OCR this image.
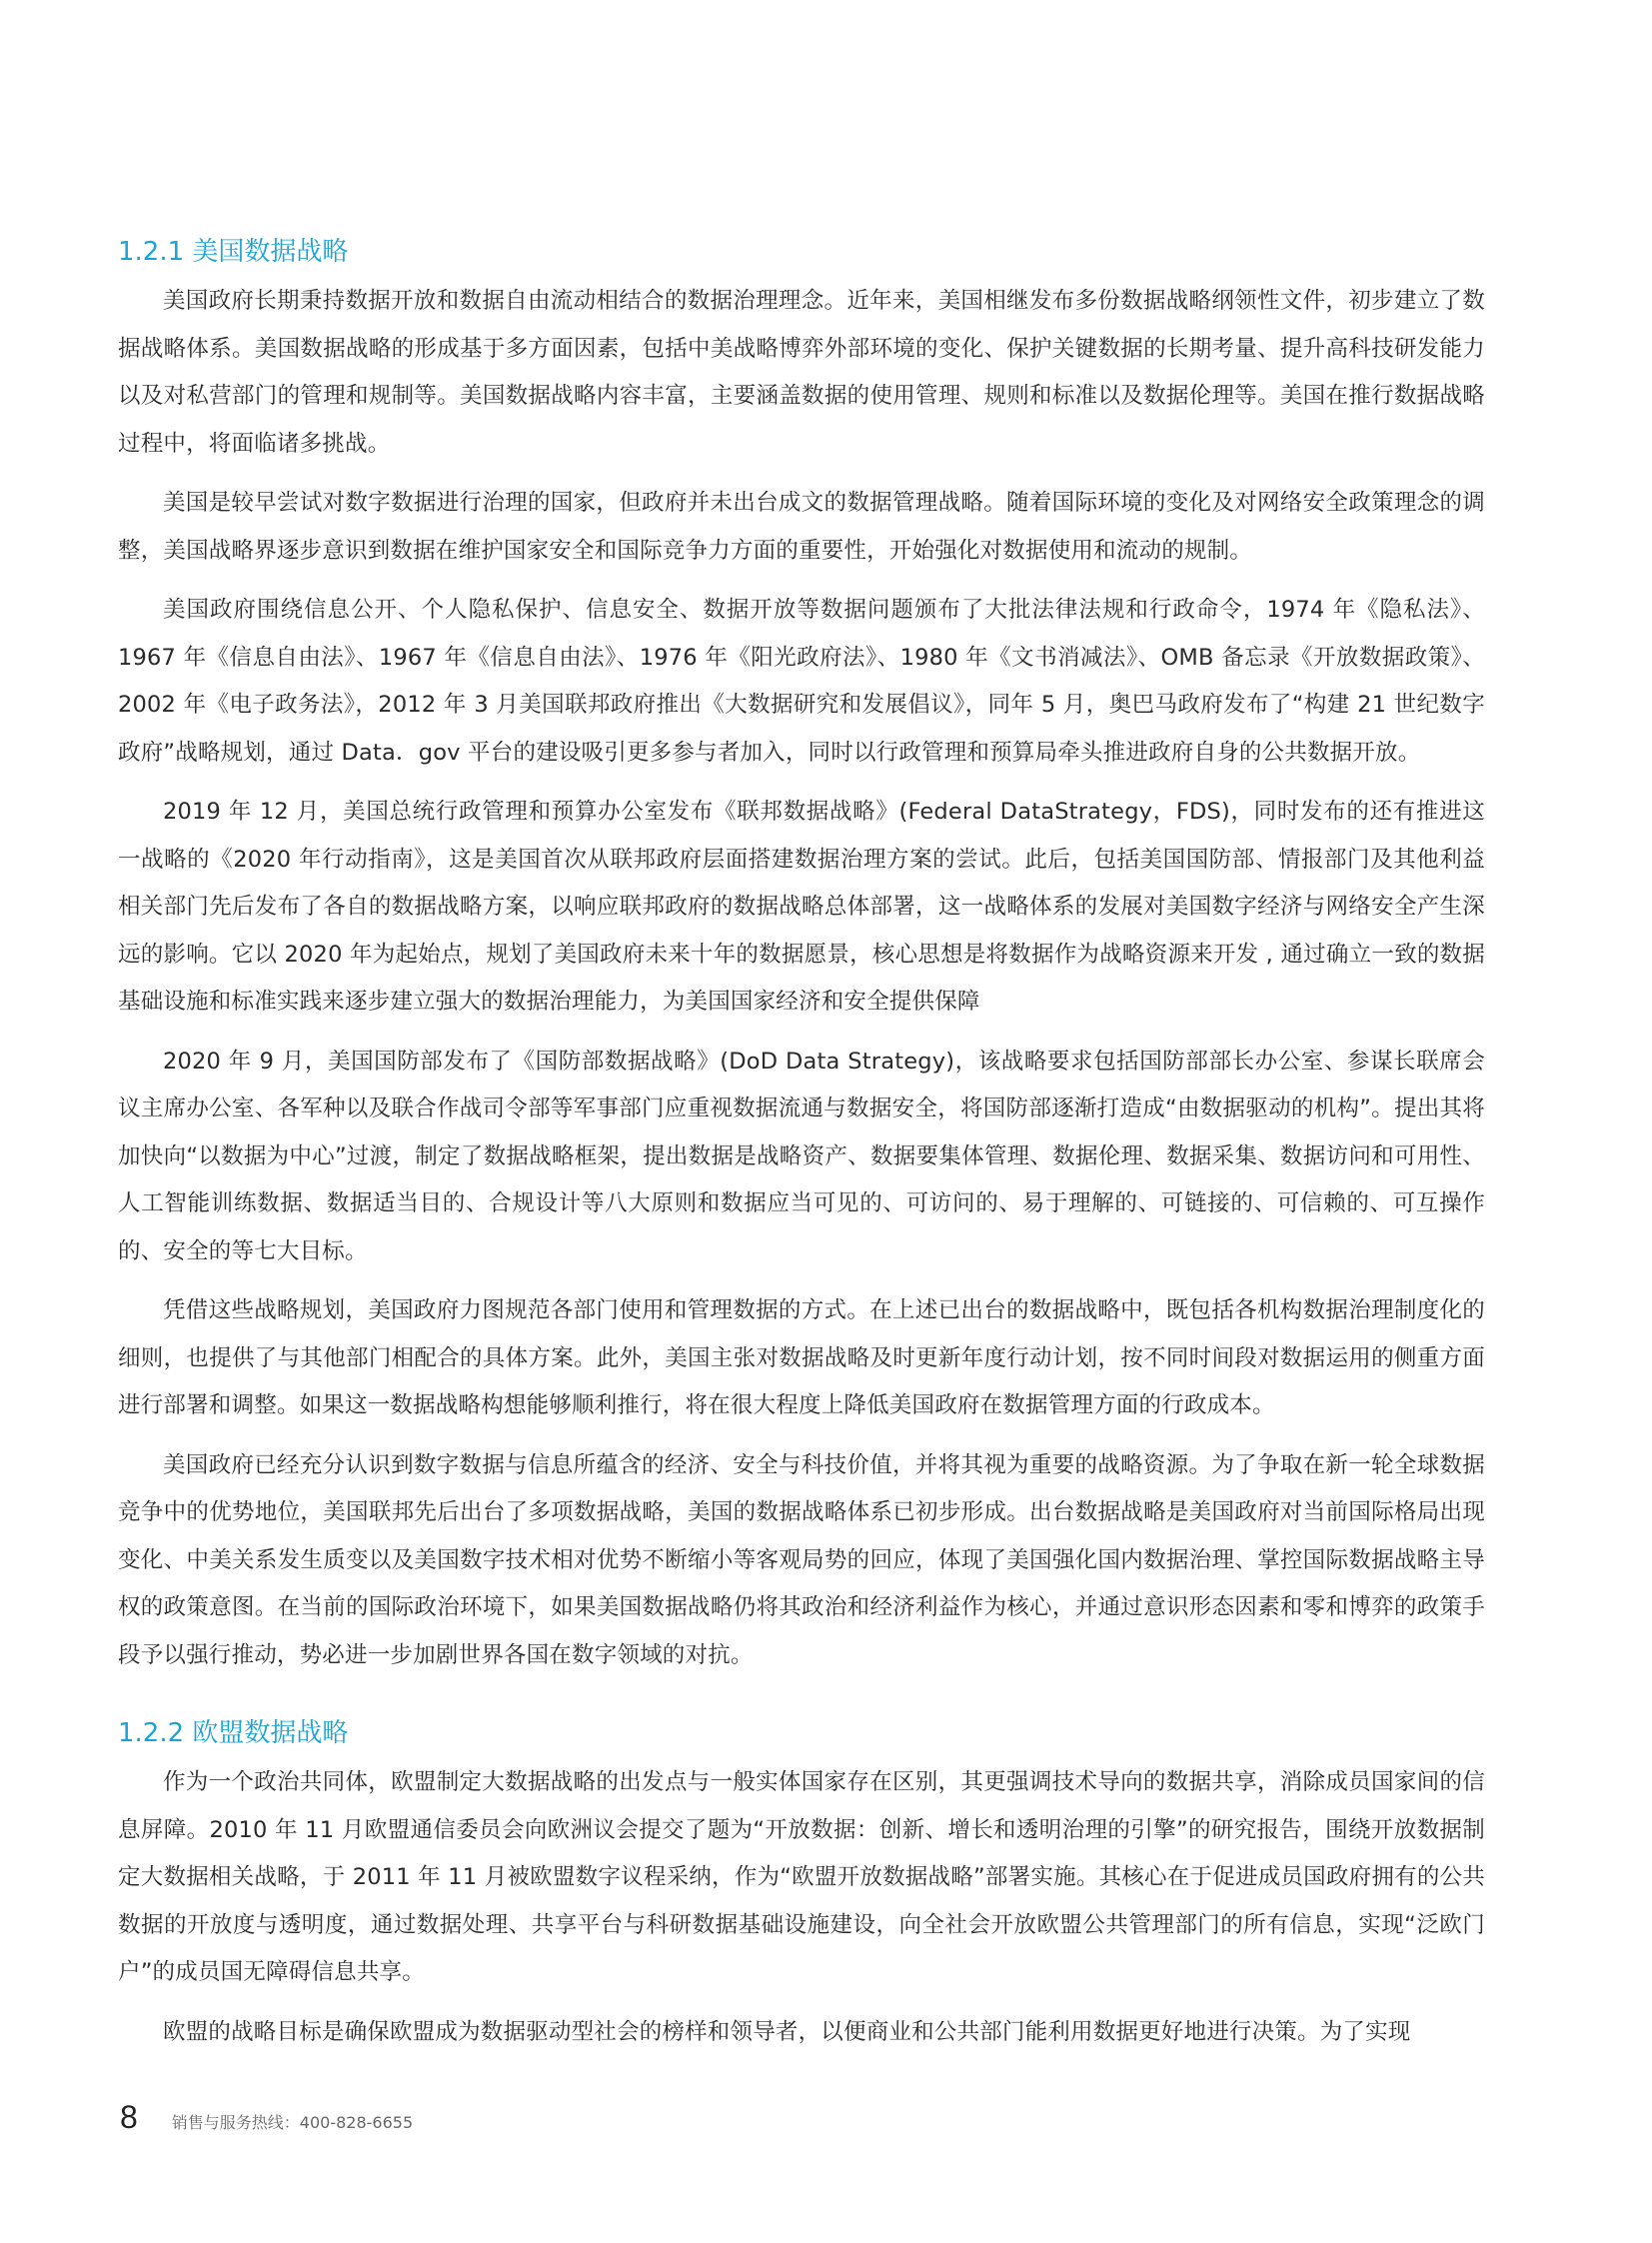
1.2.1 美国数据战略

美国政府长期秉持数据开放和数据自由流动相结合的数据治理理念。近年来，美国相继发布多份数据战略纲领性文件，初步建立了数据战略体系。美国数据战略的形成基于多方面因素，包括中美战略博弈外部环境的变化、保护关键数据的长期考量、提升高科技研发能力以及对私营部门的管理和规制等。美国数据战略内容丰富，主要涵盖数据的使用管理、规则和标准以及数据伦理等。美国在推行数据战略过程中，将面临诸多挑战。

美国是较早尝试对数字数据进行治理的国家，但政府并未出台成文的数据管理战略。随着国际环境的变化及对网络安全政策理念的调整，美国战略界逐步意识到数据在维护国家安全和国际竞争力方面的重要性，开始强化对数据使用和流动的规制。

美国政府围绕信息公开、个人隐私保护、信息安全、数据开放等数据问题颁布了大批法律法规和行政命令，1974 年《隐私法》、1967 年《信息自由法》、1967 年《信息自由法》、1976 年《阳光政府法》、1980 年《文书消减法》、OMB 备忘录《开放数据政策》、2002 年《电子政务法》，2012 年 3 月美国联邦政府推出《大数据研究和发展倡议》，同年 5 月，奥巴马政府发布了“构建 21 世纪数字政府”战略规划，通过 Data．gov 平台的建设吸引更多参与者加入，同时以行政管理和预算局牵头推进政府自身的公共数据开放。

2019 年 12 月，美国总统行政管理和预算办公室发布《联邦数据战略》(Federal DataStrategy，FDS)，同时发布的还有推进这一战略的《2020 年行动指南》，这是美国首次从联邦政府层面搭建数据治理方案的尝试。此后，包括美国国防部、情报部门及其他利益相关部门先后发布了各自的数据战略方案，以响应联邦政府的数据战略总体部署，这一战略体系的发展对美国数字经济与网络安全产生深远的影响。它以 2020 年为起始点，规划了美国政府未来十年的数据愿景，核心思想是将数据作为战略资源来开发 , 通过确立一致的数据基础设施和标准实践来逐步建立强大的数据治理能力，为美国国家经济和安全提供保障

2020 年 9 月，美国国防部发布了《国防部数据战略》(DoD Data Strategy)，该战略要求包括国防部部长办公室、参谋长联席会议主席办公室、各军种以及联合作战司令部等军事部门应重视数据流通与数据安全，将国防部逐渐打造成“由数据驱动的机构”。提出其将加快向“以数据为中心”过渡，制定了数据战略框架，提出数据是战略资产、数据要集体管理、数据伦理、数据采集、数据访问和可用性、人工智能训练数据、数据适当目的、合规设计等八大原则和数据应当可见的、可访问的、易于理解的、可链接的、可信赖的、可互操作的、安全的等七大目标。

凭借这些战略规划，美国政府力图规范各部门使用和管理数据的方式。在上述已出台的数据战略中，既包括各机构数据治理制度化的细则，也提供了与其他部门相配合的具体方案。此外，美国主张对数据战略及时更新年度行动计划，按不同时间段对数据运用的侧重方面进行部署和调整。如果这一数据战略构想能够顺利推行，将在很大程度上降低美国政府在数据管理方面的行政成本。

美国政府已经充分认识到数字数据与信息所蕴含的经济、安全与科技价值，并将其视为重要的战略资源。为了争取在新一轮全球数据竞争中的优势地位，美国联邦先后出台了多项数据战略，美国的数据战略体系已初步形成。出台数据战略是美国政府对当前国际格局出现变化、中美关系发生质变以及美国数字技术相对优势不断缩小等客观局势的回应，体现了美国强化国内数据治理、掌控国际数据战略主导权的政策意图。在当前的国际政治环境下，如果美国数据战略仍将其政治和经济利益作为核心，并通过意识形态因素和零和博弈的政策手段予以强行推动，势必进一步加剧世界各国在数字领域的对抗。

1.2.2 欧盟数据战略

作为一个政治共同体，欧盟制定大数据战略的出发点与一般实体国家存在区别，其更强调技术导向的数据共享，消除成员国家间的信息屏障。2010 年 11 月欧盟通信委员会向欧洲议会提交了题为“开放数据：创新、增长和透明治理的引擎”的研究报告，围绕开放数据制定大数据相关战略，于 2011 年 11 月被欧盟数字议程采纳，作为“欧盟开放数据战略”部署实施。其核心在于促进成员国政府拥有的公共数据的开放度与透明度，通过数据处理、共享平台与科研数据基础设施建设，向全社会开放欧盟公共管理部门的所有信息，实现“泛欧门户”的成员国无障碍信息共享。

欧盟的战略目标是确保欧盟成为数据驱动型社会的榜样和领导者，以便商业和公共部门能利用数据更好地进行决策。为了实现

8 销售与服务热线：400-828-6655
